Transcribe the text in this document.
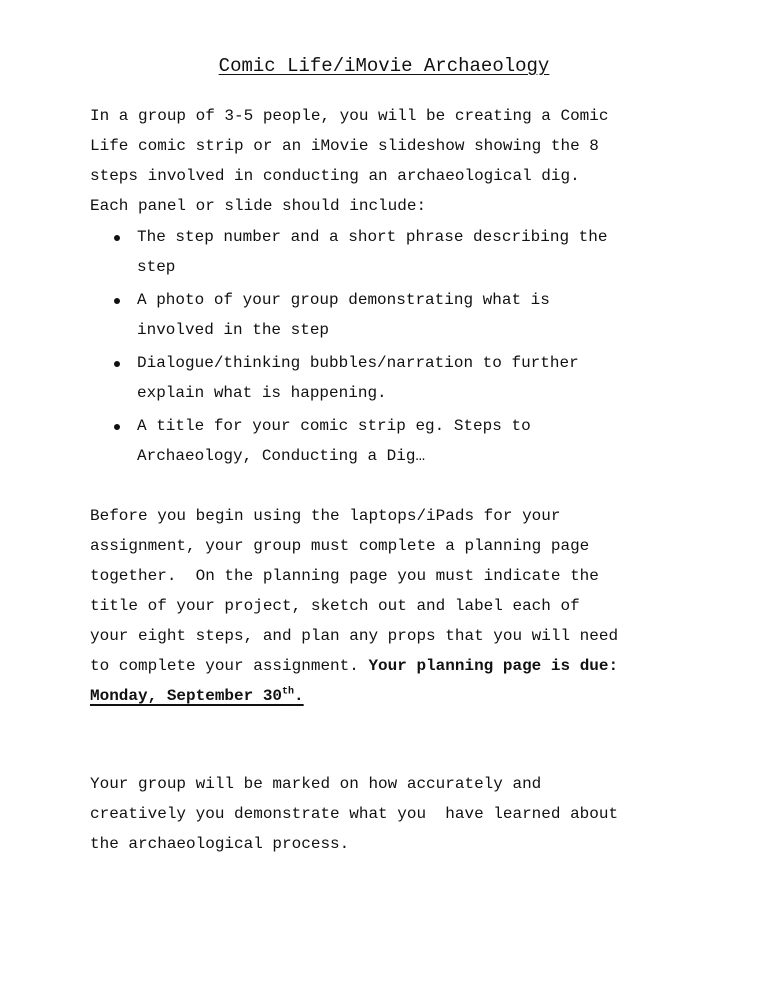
Comic Life/iMovie Archaeology

In a group of 3-5 people, you will be creating a Comic
Life comic strip or an iMovie slideshow showing the 8
steps involved in conducting an archaeological dig.
Each panel or slide should include:

The step number and a short phrase describing the
step
A photo of your group demonstrating what is
involved in the step
Dialogue/thinking bubbles/narration to further
explain what is happening.
A title for your comic strip eg. Steps to
Archaeology, Conducting a Dig…

Before you begin using the laptops/iPads for your
assignment, your group must complete a planning page
together.  On the planning page you must indicate the
title of your project, sketch out and label each of
your eight steps, and plan any props that you will need
to complete your assignment. Your planning page is due:
Monday, September 30th.

Your group will be marked on how accurately and
creatively you demonstrate what you  have learned about
the archaeological process.
